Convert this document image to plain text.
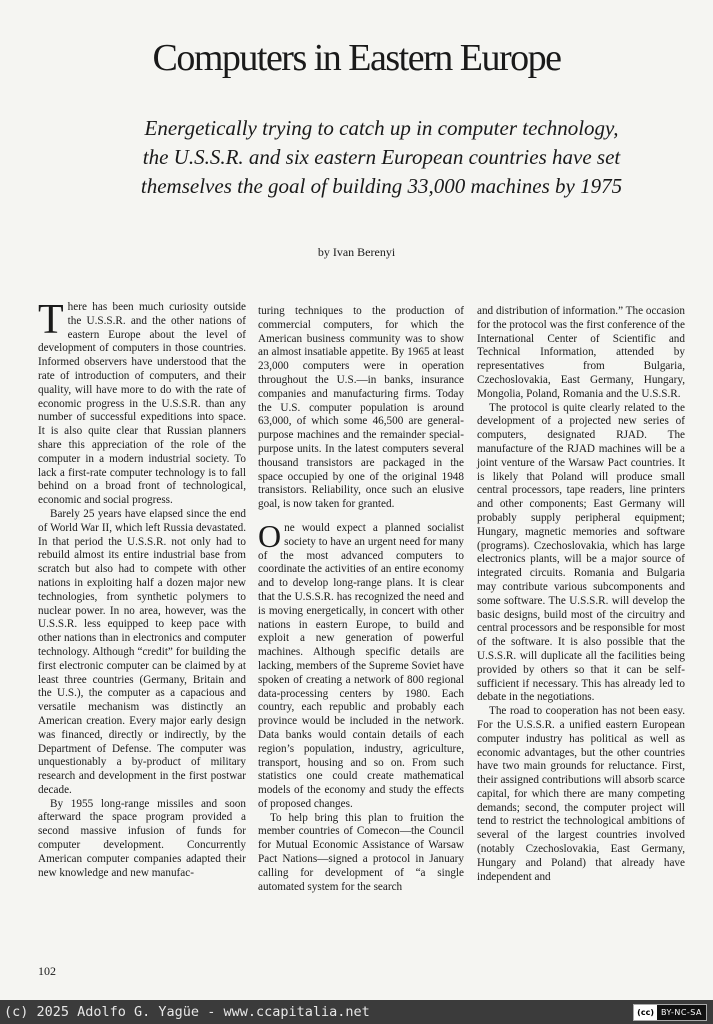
Computers in Eastern Europe
Energetically trying to catch up in computer technology,
the U.S.S.R. and six eastern European countries have set
themselves the goal of building 33,000 machines by 1975
by Ivan Berenyi

There has been much curiosity outside the U.S.S.R. and the other nations of eastern Europe about the level of development of computers in those countries. Informed observers have understood that the rate of introduction of computers, and their quality, will have more to do with the rate of economic progress in the U.S.S.R. than any number of successful expeditions into space. It is also quite clear that Russian planners share this appreciation of the role of the computer in a modern industrial society. To lack a first-rate computer technology is to fall behind on a broad front of technological, economic and social progress.

Barely 25 years have elapsed since the end of World War II, which left Russia devastated. In that period the U.S.S.R. not only had to rebuild almost its entire industrial base from scratch but also had to compete with other nations in exploiting half a dozen major new technologies, from synthetic polymers to nuclear power. In no area, however, was the U.S.S.R. less equipped to keep pace with other nations than in electronics and computer technology. Although “credit” for building the first electronic computer can be claimed by at least three countries (Germany, Britain and the U.S.), the computer as a capacious and versatile mechanism was distinctly an American creation. Every major early design was financed, directly or indirectly, by the Department of Defense. The computer was unquestionably a by-product of military research and development in the first postwar decade.

By 1955 long-range missiles and soon afterward the space program provided a second massive infusion of funds for computer development. Concurrently American computer companies adapted their new knowledge and new manufac-

turing techniques to the production of commercial computers, for which the American business community was to show an almost insatiable appetite. By 1965 at least 23,000 computers were in operation throughout the U.S.—in banks, insurance companies and manufacturing firms. Today the U.S. computer population is around 63,000, of which some 46,500 are general-purpose machines and the remainder special-purpose units. In the latest computers several thousand transistors are packaged in the space occupied by one of the original 1948 transistors. Reliability, once such an elusive goal, is now taken for granted.

One would expect a planned socialist society to have an urgent need for many of the most advanced computers to coordinate the activities of an entire economy and to develop long-range plans. It is clear that the U.S.S.R. has recognized the need and is moving energetically, in concert with other nations in eastern Europe, to build and exploit a new generation of powerful machines. Although specific details are lacking, members of the Supreme Soviet have spoken of creating a network of 800 regional data-processing centers by 1980. Each country, each republic and probably each province would be included in the network. Data banks would contain details of each region’s population, industry, agriculture, transport, housing and so on. From such statistics one could create mathematical models of the economy and study the effects of proposed changes.

To help bring this plan to fruition the member countries of Comecon—the Council for Mutual Economic Assistance of Warsaw Pact Nations—signed a protocol in January calling for development of “a single automated system for the search

and distribution of information.” The occasion for the protocol was the first conference of the International Center of Scientific and Technical Information, attended by representatives from Bulgaria, Czechoslovakia, East Germany, Hungary, Mongolia, Poland, Romania and the U.S.S.R.

The protocol is quite clearly related to the development of a projected new series of computers, designated RJAD. The manufacture of the RJAD machines will be a joint venture of the Warsaw Pact countries. It is likely that Poland will produce small central processors, tape readers, line printers and other components; East Germany will probably supply peripheral equipment; Hungary, magnetic memories and software (programs). Czechoslovakia, which has large electronics plants, will be a major source of integrated circuits. Romania and Bulgaria may contribute various subcomponents and some software. The U.S.S.R. will develop the basic designs, build most of the circuitry and central processors and be responsible for most of the software. It is also possible that the U.S.S.R. will duplicate all the facilities being provided by others so that it can be self-sufficient if necessary. This has already led to debate in the negotiations.

The road to cooperation has not been easy. For the U.S.S.R. a unified eastern European computer industry has political as well as economic advantages, but the other countries have two main grounds for reluctance. First, their assigned contributions will absorb scarce capital, for which there are many competing demands; second, the computer project will tend to restrict the technological ambitions of several of the largest countries involved (notably Czechoslovakia, East Germany, Hungary and Poland) that already have independent and

102
(c) 2025 Adolfo G. Yagüe - www.ccapitalia.net	(cc) BY-NC-SA
